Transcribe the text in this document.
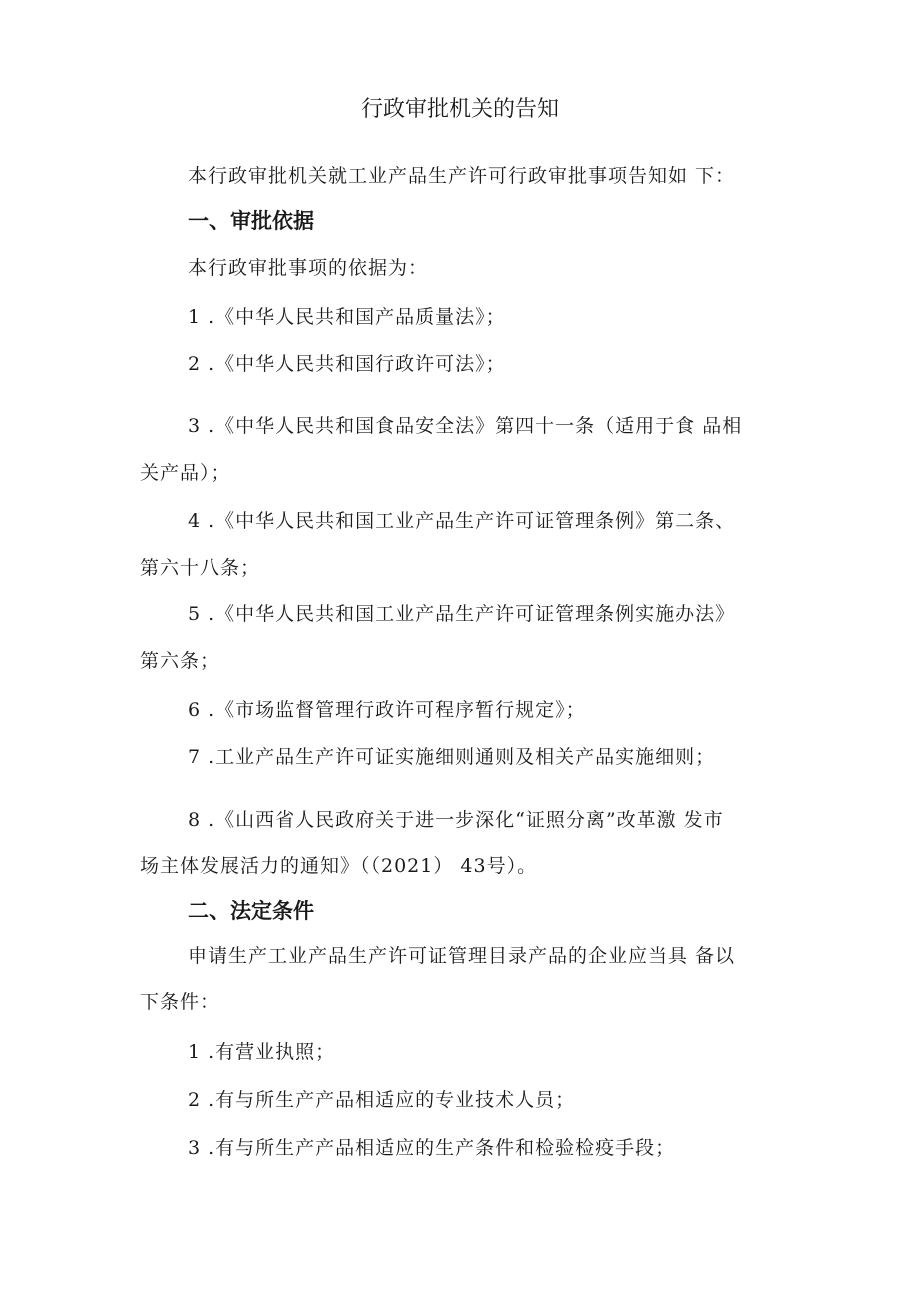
行政审批机关的告知
本行政审批机关就工业产品生产许可行政审批事项告知如 下：
一、审批依据
本行政审批事项的依据为：
1 .《中华人民共和国产品质量法》；
2 .《中华人民共和国行政许可法》；
3 .《中华人民共和国食品安全法》第四十一条（适用于食 品相
关产品）；
4 .《中华人民共和国工业产品生产许可证管理条例》第二条、
第六十八条；
5 .《中华人民共和国工业产品生产许可证管理条例实施办法》
第六条；
6 .《市场监督管理行政许可程序暂行规定》；
7 .工业产品生产许可证实施细则通则及相关产品实施细则；
8 .《山西省人民政府关于进一步深化“证照分离”改革激 发市
场主体发展活力的通知》（（2021） 43号）。
二、法定条件
申请生产工业产品生产许可证管理目录产品的企业应当具 备以
下条件：
1 .有营业执照；
2 .有与所生产产品相适应的专业技术人员；
3 .有与所生产产品相适应的生产条件和检验检疫手段；
